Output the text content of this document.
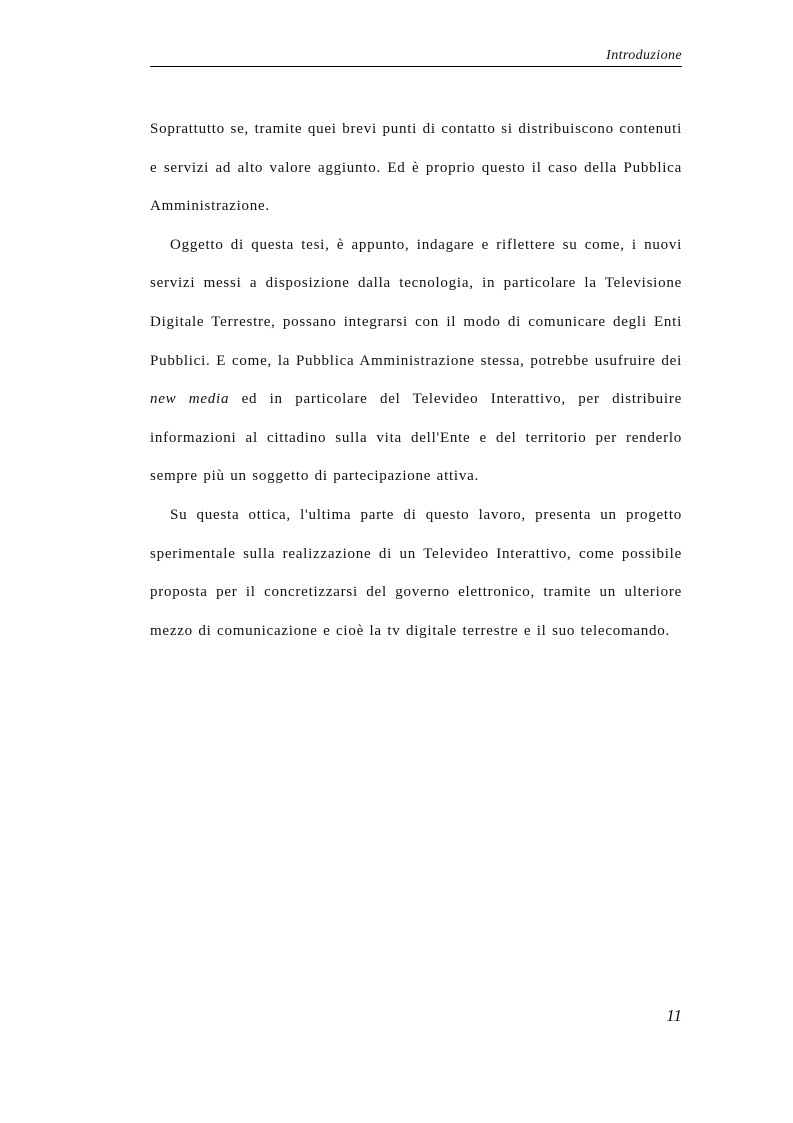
Introduzione

Soprattutto se, tramite quei brevi punti di contatto si distribuiscono contenuti e servizi ad alto valore aggiunto. Ed è proprio questo il caso della Pubblica Amministrazione.

Oggetto di questa tesi, è appunto, indagare e riflettere su come, i nuovi servizi messi a disposizione dalla tecnologia, in particolare la Televisione Digitale Terrestre, possano integrarsi con il modo di comunicare degli Enti Pubblici. E come, la Pubblica Amministrazione stessa, potrebbe usufruire dei new media ed in particolare del Televideo Interattivo, per distribuire informazioni al cittadino sulla vita dell'Ente e del territorio per renderlo sempre più un soggetto di partecipazione attiva.

Su questa ottica, l'ultima parte di questo lavoro, presenta un progetto sperimentale sulla realizzazione di un Televideo Interattivo, come possibile proposta per il concretizzarsi del governo elettronico, tramite un ulteriore mezzo di comunicazione e cioè la tv digitale terrestre e il suo telecomando.

11
